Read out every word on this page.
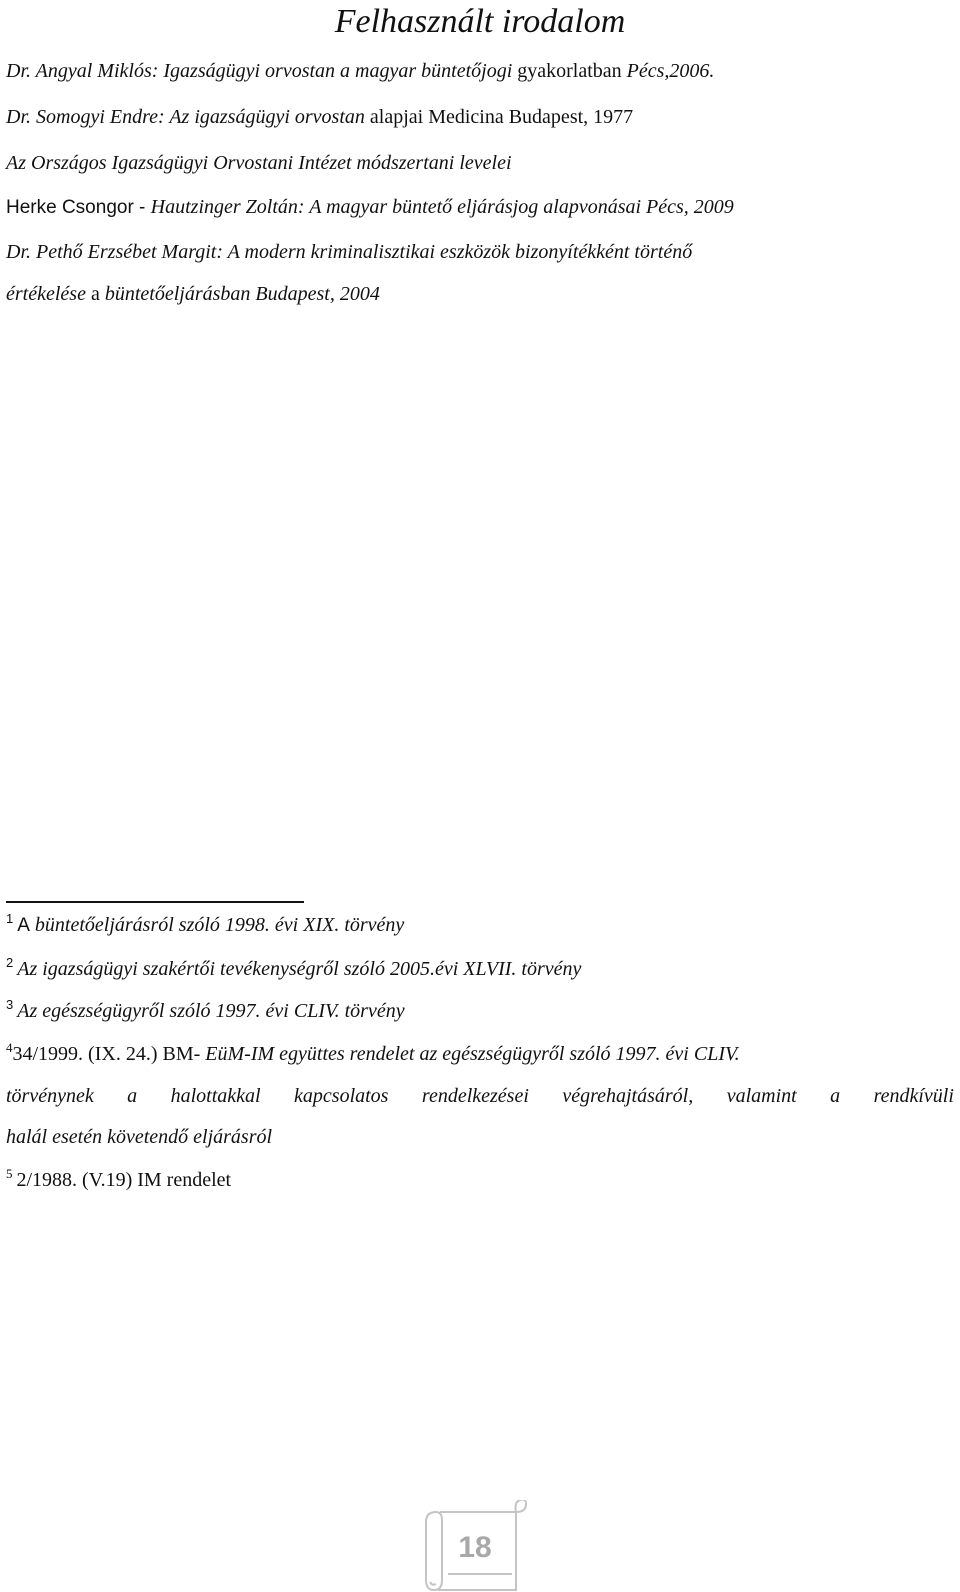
Felhasznált irodalom
Dr. Angyal Miklós: Igazságügyi orvostan a magyar büntetőjogi gyakorlatban Pécs,2006.
Dr. Somogyi Endre: Az igazságügyi orvostan alapjai Medicina Budapest, 1977
Az Országos Igazságügyi Orvostani Intézet módszertani levelei
Herke Csongor - Hautzinger Zoltán: A magyar büntető eljárásjog alapvonásai Pécs, 2009
Dr. Pethő Erzsébet Margit: A modern kriminalisztikai eszközök bizonyítékként történő
értékelése a büntetőeljárásban Budapest, 2004
$^1$ A büntetőeljárásról szóló 1998. évi XIX. törvény
$^2$ Az igazságügyi szakértői tevékenységről szóló 2005.évi XLVII. törvény
$^3$ Az egészségügyről szóló 1997. évi CLIV. törvény
$^4$34/1999. (IX. 24.) BM- EüM-IM együttes rendelet az egészségügyről szóló 1997. évi CLIV.
törvénynek a halottakkal kapcsolatos rendelkezései végrehajtásáról, valamint a rendkívüli
halál esetén követendő eljárásról
$^5$ 2/1988. (V.19) IM rendelet
18
